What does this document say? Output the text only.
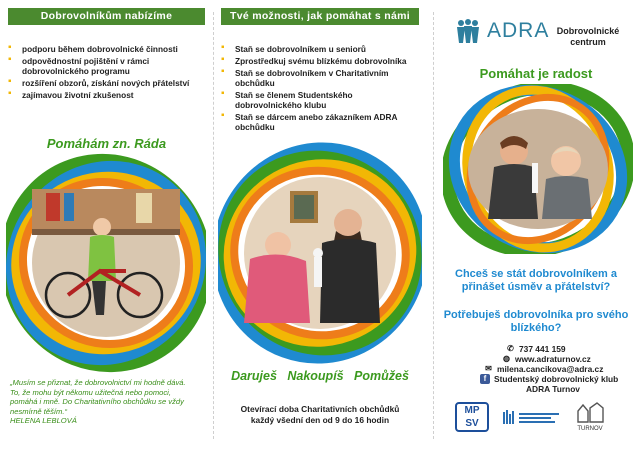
Dobrovolníkům nabízíme
▪ podporu během dobrovolnické činnosti
▪ odpovědnostní pojištění v rámci dobrovolnického programu
▪ rozšíření obzorů, získání nových přátelství
▪ zajímavou životní zkušenost
Pomáhám zn. Ráda
„Musím se přiznat, že dobrovolnictví mi hodně dává. To, že mohu být někomu užitečná nebo pomoci, pomáhá i mně. Do Charitativního obchůdku se vždy nesmírně těším.“
HELENA LEBLOVÁ
Tvé možnosti, jak pomáhat s námi
▪ Staň se dobrovolníkem u seniorů
▪ Zprostředkuj svému blízkému dobrovolníka
▪ Staň se dobrovolníkem v Charitativním obchůdku
▪ Staň se členem Studentského dobrovolnického klubu
▪ Staň se dárcem anebo zákazníkem ADRA obchůdku
Daruješ   Nakoupíš   Pomůžeš
Otevírací doba Charitativních obchůdků
každý všední den od 9 do 16 hodin
ADRA Dobrovolnické centrum
Pomáhat je radost
Chceš se stát dobrovolníkem a přinášet úsměv a přátelství?
Potřebuješ dobrovolníka pro svého blízkého?
✆ 737 441 159
◍ www.adraturnov.cz
✉ milena.cancikova@adra.cz
f Studentský dobrovolnický klub
ADRA Turnov
MP SV	TURNOV
